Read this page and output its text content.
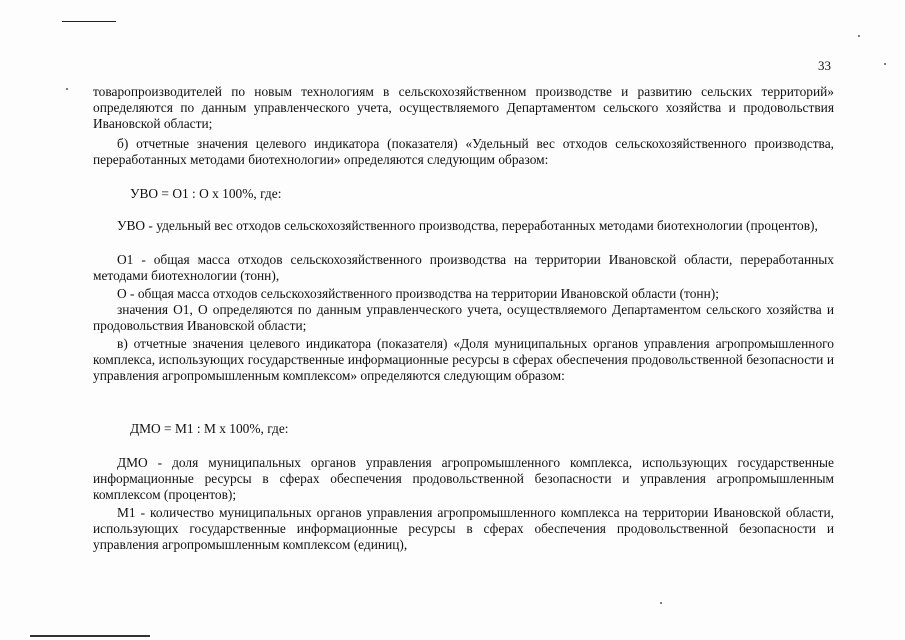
33

товаропроизводителей по новым технологиям в сельскохозяйственном производстве и развитию сельских территорий» определяются по данным управленческого учета, осуществляемого Департаментом сельского хозяйства и продовольствия Ивановской области;

б) отчетные значения целевого индикатора (показателя) «Удельный вес отходов сельскохозяйственного производства, переработанных методами биотехнологии» определяются следующим образом:

УВО = О1 : О х 100%, где:

УВО - удельный вес отходов сельскохозяйственного производства, переработанных методами биотехнологии (процентов),

О1 - общая масса отходов сельскохозяйственного производства на территории Ивановской области, переработанных методами биотехнологии (тонн),

О - общая масса отходов сельскохозяйственного производства на территории Ивановской области (тонн);

значения О1, О определяются по данным управленческого учета, осуществляемого Департаментом сельского хозяйства и продовольствия Ивановской области;

в) отчетные значения целевого индикатора (показателя) «Доля муниципальных органов управления агропромышленного комплекса, использующих государственные информационные ресурсы в сферах обеспечения продовольственной безопасности и управления агропромышленным комплексом» определяются следующим образом:

ДМО = М1 : М х 100%, где:

ДМО - доля муниципальных органов управления агропромышленного комплекса, использующих государственные информационные ресурсы в сферах обеспечения продовольственной безопасности и управления агропромышленным комплексом (процентов);

М1 - количество муниципальных органов управления агропромышленного комплекса на территории Ивановской области, использующих государственные информационные ресурсы в сферах обеспечения продовольственной безопасности и управления агропромышленным комплексом (единиц),
